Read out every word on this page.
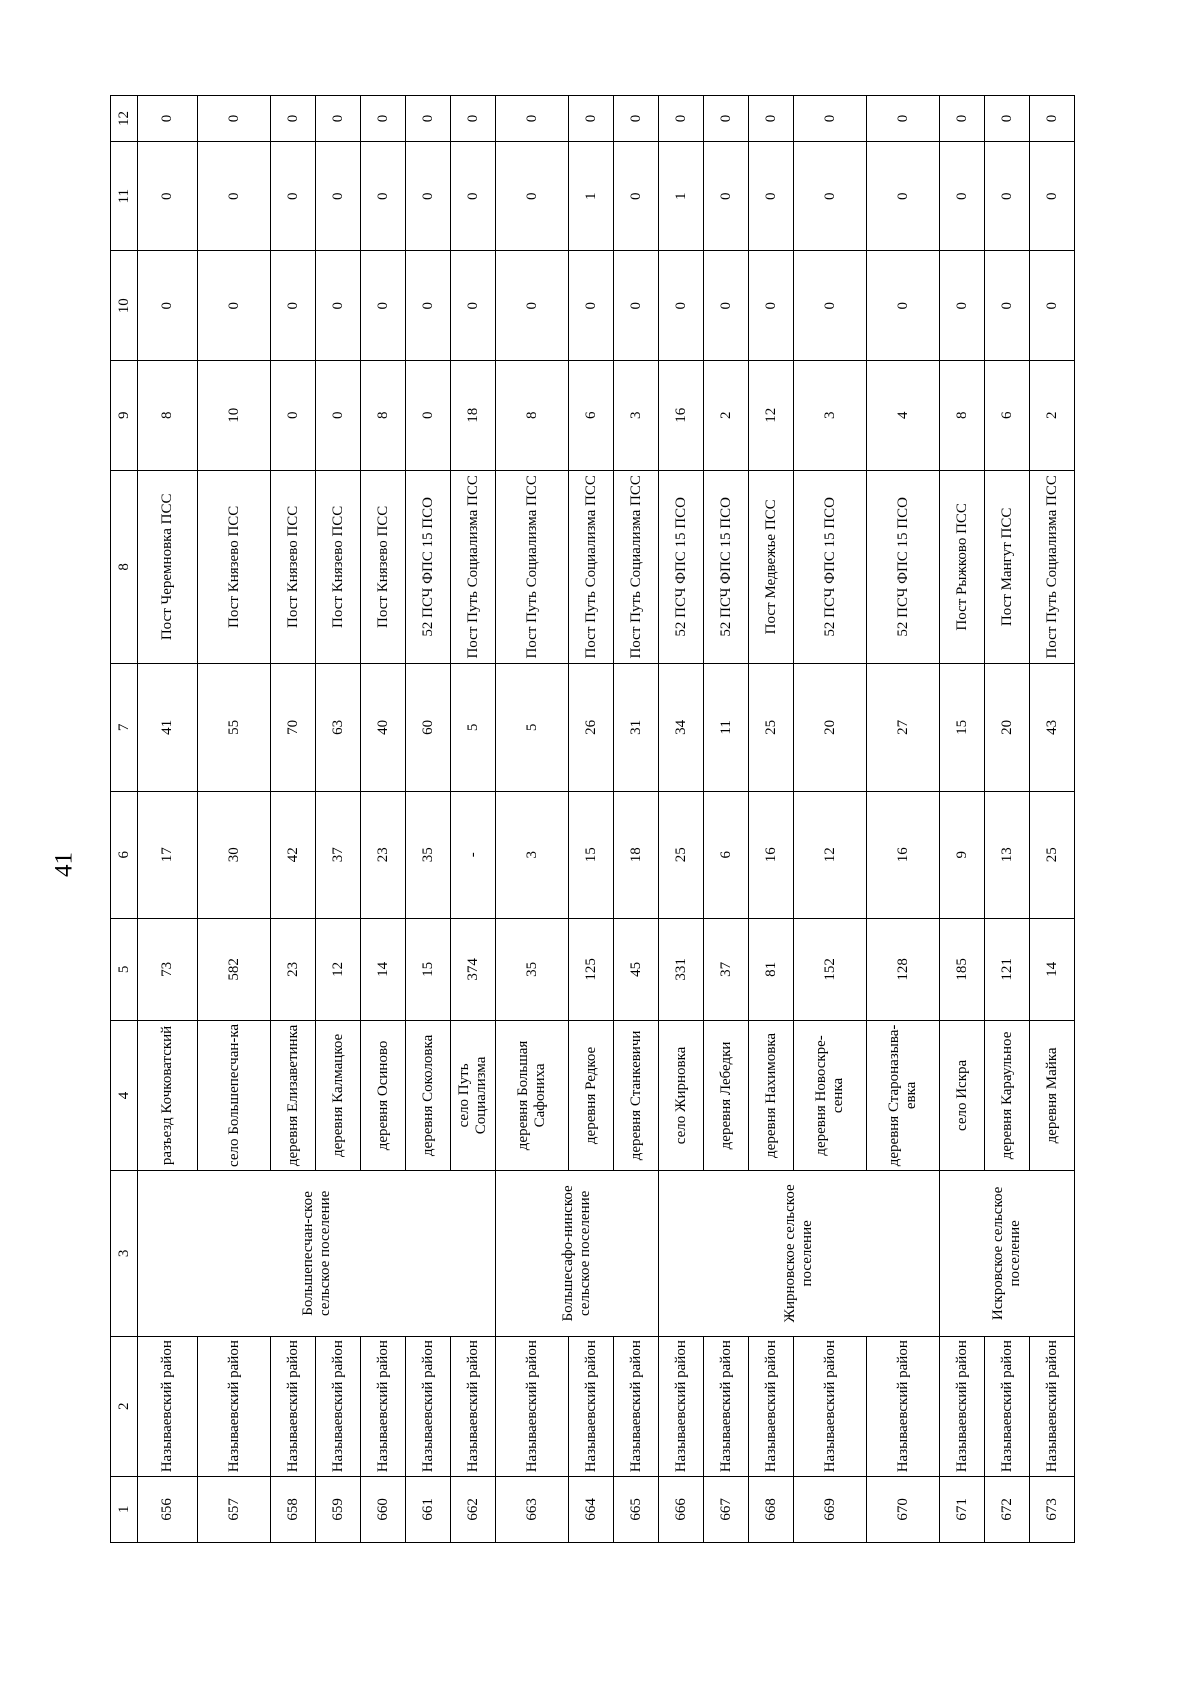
41
1	2	3	4	5	6	7	8	9	10	11	12
656	Называевский район	Большепесчан-ское сельское поселение	разъезд Кочковатский	73	17	41	Пост Черемновка ПСС	8	0	0	0
657	Называевский район		село Большепесчан-ка	582	30	55	Пост Князево ПСС	10	0	0	0
658	Называевский район		деревня Елизаветинка	23	42	70	Пост Князево ПСС	0	0	0	0
659	Называевский район		деревня Калмацкое	12	37	63	Пост Князево ПСС	0	0	0	0
660	Называевский район		деревня Осиново	14	23	40	Пост Князево ПСС	8	0	0	0
661	Называевский район		деревня Соколовка	15	35	60	52 ПСЧ ФПС 15 ПСО	0	0	0	0
662	Называевский район		село Путь Социализма	374	-	5	Пост Путь Социализма ПСС	18	0	0	0
663	Называевский район	Большесафо-нинское сельское поселение	деревня Большая Сафониха	35	3	5	Пост Путь Социализма ПСС	8	0	0	0
664	Называевский район		деревня Редкое	125	15	26	Пост Путь Социализма ПСС	6	0	1	0
665	Называевский район		деревня Станкевичи	45	18	31	Пост Путь Социализма ПСС	3	0	0	0
666	Называевский район	Жирновское сельское поселение	село Жирновка	331	25	34	52 ПСЧ ФПС 15 ПСО	16	0	1	0
667	Называевский район		деревня Лебедки	37	6	11	52 ПСЧ ФПС 15 ПСО	2	0	0	0
668	Называевский район		деревня Нахимовка	81	16	25	Пост Медвежье ПСС	12	0	0	0
669	Называевский район		деревня Новоскре-сенка	152	12	20	52 ПСЧ ФПС 15 ПСО	3	0	0	0
670	Называевский район		деревня Староназыва-евка	128	16	27	52 ПСЧ ФПС 15 ПСО	4	0	0	0
671	Называевский район	Искровское сельское поселение	село Искра	185	9	15	Пост Рыжково ПСС	8	0	0	0
672	Называевский район		деревня Караульное	121	13	20	Пост Мангут ПСС	6	0	0	0
673	Называевский район		деревня Майка	14	25	43	Пост Путь Социализма ПСС	2	0	0	0
